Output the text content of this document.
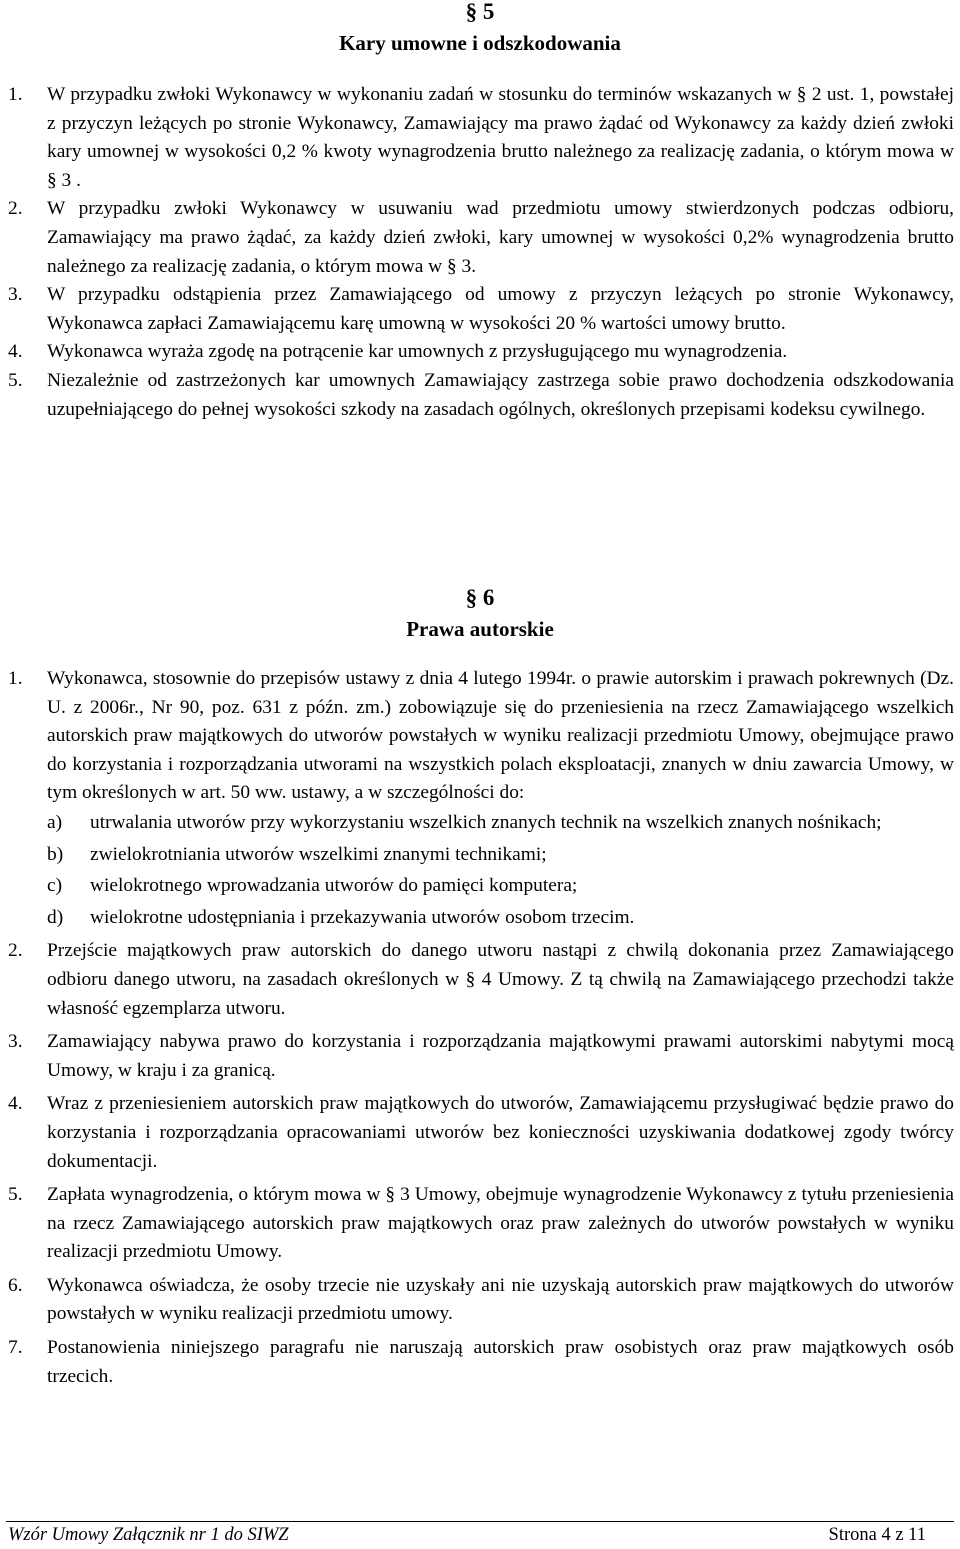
§ 5
Kary umowne i odszkodowania
1. W przypadku zwłoki Wykonawcy w wykonaniu zadań w stosunku do terminów wskazanych w § 2 ust. 1, powstałej z przyczyn leżących po stronie Wykonawcy, Zamawiający ma prawo żądać od Wykonawcy za każdy dzień zwłoki kary umownej w wysokości 0,2 % kwoty wynagrodzenia brutto należnego za realizację zadania, o którym mowa w § 3 .
2. W przypadku zwłoki Wykonawcy w usuwaniu wad przedmiotu umowy stwierdzonych podczas odbioru, Zamawiający ma prawo żądać, za każdy dzień zwłoki, kary umownej w wysokości 0,2% wynagrodzenia brutto należnego za realizację zadania, o którym mowa w § 3.
3. W przypadku odstąpienia przez Zamawiającego od umowy z przyczyn leżących po stronie Wykonawcy, Wykonawca zapłaci Zamawiającemu karę umowną w wysokości 20 % wartości umowy brutto.
4. Wykonawca wyraża zgodę na potrącenie kar umownych z przysługującego mu wynagrodzenia.
5. Niezależnie od zastrzeżonych kar umownych Zamawiający zastrzega sobie prawo dochodzenia odszkodowania uzupełniającego do pełnej wysokości szkody na zasadach ogólnych, określonych przepisami kodeksu cywilnego.
§ 6
Prawa autorskie
1. Wykonawca, stosownie do przepisów ustawy z dnia 4 lutego 1994r. o prawie autorskim i prawach pokrewnych (Dz. U. z 2006r., Nr 90, poz. 631 z późn. zm.) zobowiązuje się do przeniesienia na rzecz Zamawiającego wszelkich autorskich praw majątkowych do utworów powstałych w wyniku realizacji przedmiotu Umowy, obejmujące prawo do korzystania i rozporządzania utworami na wszystkich polach eksploatacji, znanych w dniu zawarcia Umowy, w tym określonych w art. 50 ww. ustawy, a w szczególności do:
a) utrwalania utworów przy wykorzystaniu wszelkich znanych technik na wszelkich znanych nośnikach;
b) zwielokrotniania utworów wszelkimi znanymi technikami;
c) wielokrotnego wprowadzania utworów do pamięci komputera;
d) wielokrotne udostępniania i przekazywania utworów osobom trzecim.
2. Przejście majątkowych praw autorskich do danego utworu nastąpi z chwilą dokonania przez Zamawiającego odbioru danego utworu, na zasadach określonych w § 4 Umowy. Z tą chwilą na Zamawiającego przechodzi także własność egzemplarza utworu.
3. Zamawiający nabywa prawo do korzystania i rozporządzania majątkowymi prawami autorskimi nabytymi mocą Umowy, w kraju i za granicą.
4. Wraz z przeniesieniem autorskich praw majątkowych do utworów, Zamawiającemu przysługiwać będzie prawo do korzystania i rozporządzania opracowaniami utworów bez konieczności uzyskiwania dodatkowej zgody twórcy dokumentacji.
5. Zapłata wynagrodzenia, o którym mowa w § 3 Umowy, obejmuje wynagrodzenie Wykonawcy z tytułu przeniesienia na rzecz Zamawiającego autorskich praw majątkowych oraz praw zależnych do utworów powstałych w wyniku realizacji przedmiotu Umowy.
6. Wykonawca oświadcza, że osoby trzecie nie uzyskały ani nie uzyskają autorskich praw majątkowych do utworów powstałych w wyniku realizacji przedmiotu umowy.
7. Postanowienia niniejszego paragrafu nie naruszają autorskich praw osobistych oraz praw majątkowych osób trzecich.
Wzór Umowy Załącznik nr 1 do SIWZ	Strona 4 z 11
